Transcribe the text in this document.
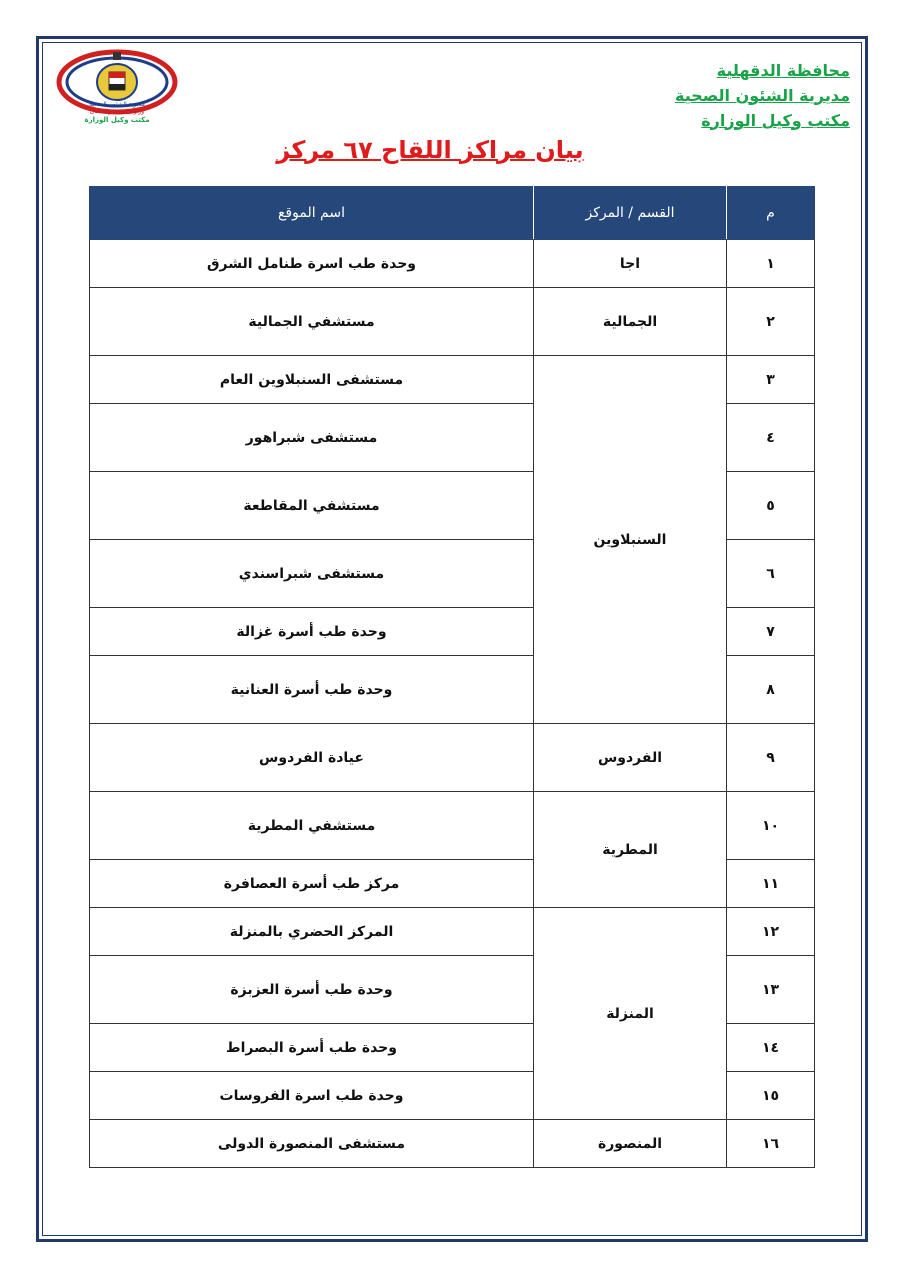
مديرية الشئون الصحية
وزارة الصحة والسكان
مكتب وكيل الوزارة
محافظة الدقهلية
مديرية الشئون الصحية
مكتب وكيل الوزارة
بيان مراكز اللقاح ٦٧ مركز
م	القسم / المركز	اسم الموقع
١	اجا	وحدة طب اسرة طنامل الشرق
٢	الجمالية	مستشفي الجمالية
٣	السنبلاوين	مستشفى السنبلاوين العام
٤		مستشفى شبراهور
٥		مستشفي المقاطعة
٦		مستشفى شبراسندي
٧		وحدة طب أسرة غزالة
٨		وحدة طب أسرة العنانية
٩	الفردوس	عيادة الفردوس
١٠	المطرية	مستشفي المطرية
١١		مركز طب أسرة العصافرة
١٢	المنزلة	المركز الحضري بالمنزلة
١٣		وحدة طب أسرة العزبزة
١٤		وحدة طب أسرة البصراط
١٥		وحدة طب اسرة الفروسات
١٦	المنصورة	مستشفى المنصورة الدولى
